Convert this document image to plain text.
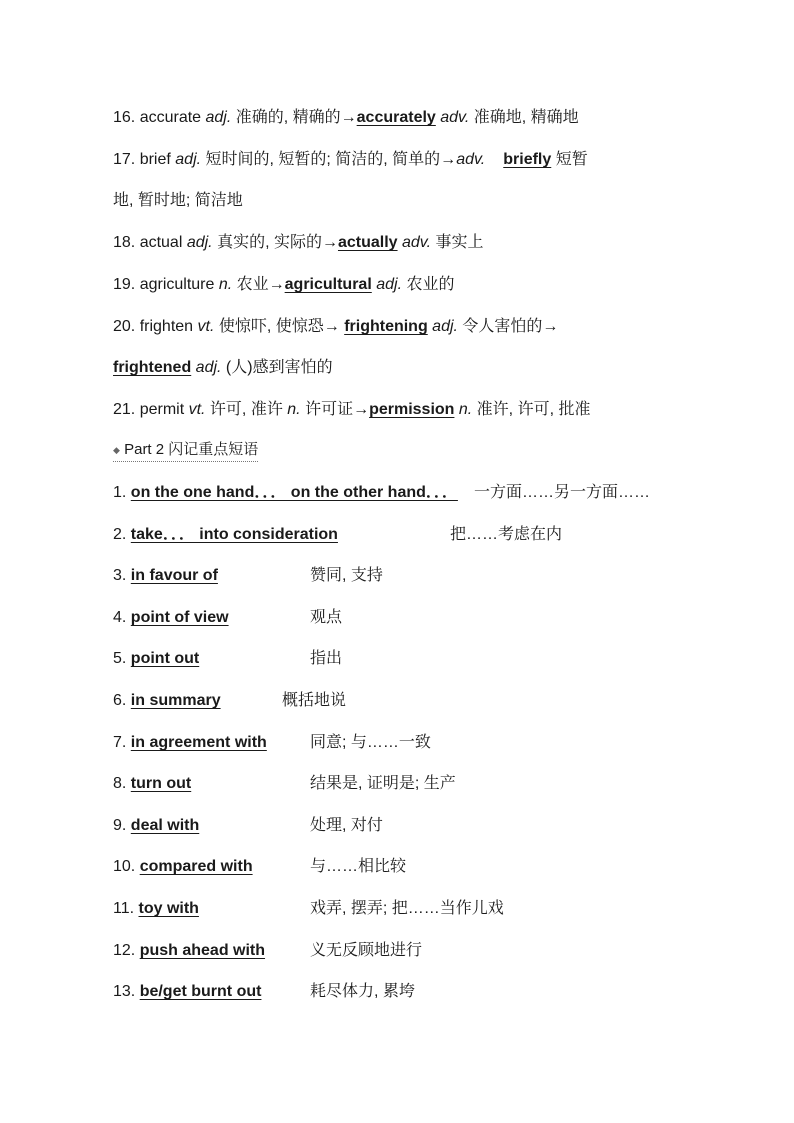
16. accurate adj. 准确的, 精确的→accurately adv. 准确地, 精确地
17. brief adj. 短时间的, 短暂的; 简洁的, 简单的→adv. briefly 短暂
地, 暂时地; 简洁地
18. actual adj. 真实的, 实际的→actually adv. 事实上
19. agriculture n. 农业→agricultural adj. 农业的
20. frighten vt. 使惊吓, 使惊恐→ frightening adj. 令人害怕的→
frightened adj. (人)感到害怕的
21. permit vt. 许可, 准许 n. 许可证→permission n. 准许, 许可, 批准
◆ Part 2 闪记重点短语
1. on the one hand．．． on the other hand．．． 一方面……另一方面……
2. take．．． into consideration	把……考虑在内
3. in favour of	赞同, 支持
4. point of view	观点
5. point out	指出
6. in summary	概括地说
7. in agreement with	同意; 与……一致
8. turn out	结果是, 证明是; 生产
9. deal with	处理, 对付
10. compared with	与……相比较
11. toy with	戏弄, 摆弄; 把……当作儿戏
12. push ahead with	义无反顾地进行
13. be/get burnt out	耗尽体力, 累垮
